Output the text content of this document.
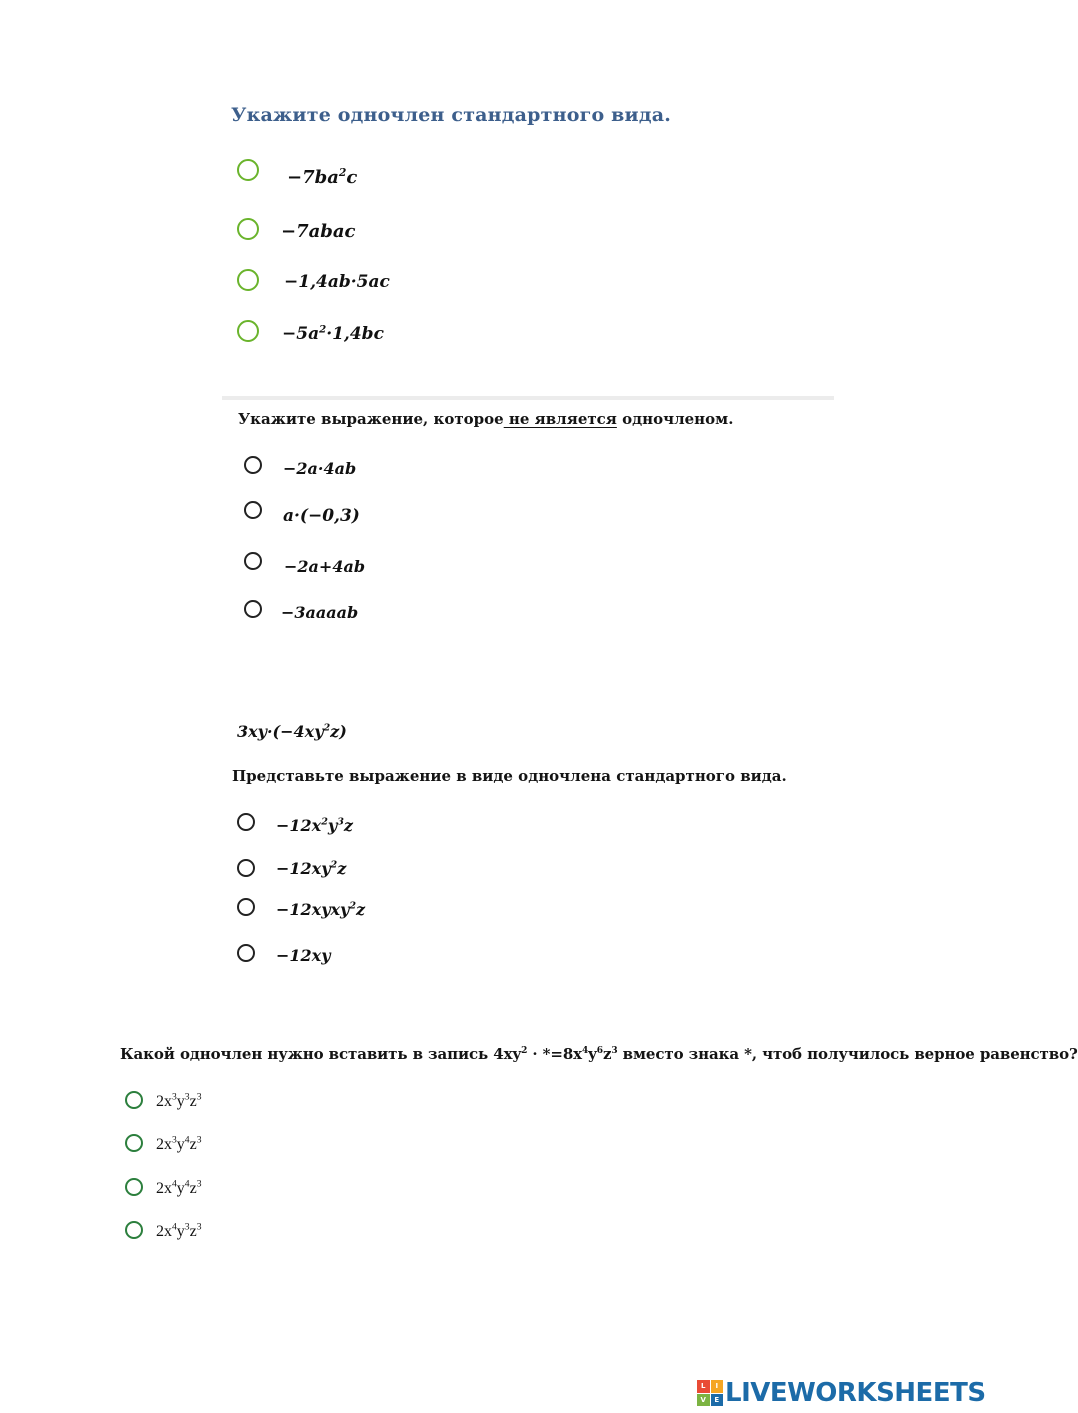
Укажите одночлен стандартного вида.
$-7ba^2c$
−7abac
−1,4ab·5ac
$-5a^2\cdot 1,4bc$
Укажите выражение, которое не является одночленом.
−2a·4ab
a·(−0,3)
−2a+4ab
−3aaaab
$3xy\cdot(-4xy^2z)$
Представьте выражение в виде одночлена стандартного вида.
$-12x^2y^3z$
$-12xy^2z$
−12xyxy$^2$z
−12xy
Какой одночлен нужно вставить в запись $4xy^2 \cdot *=8x^4y^6z^3$ вместо знака *, чтоб получилось верное равенство?
$2x^3y^3z^3$
$2x^3y^4z^3$
$2x^4y^4z^3$
$2x^4y^3z^3$
L	I
V	E LIVEWORKSHEETS
